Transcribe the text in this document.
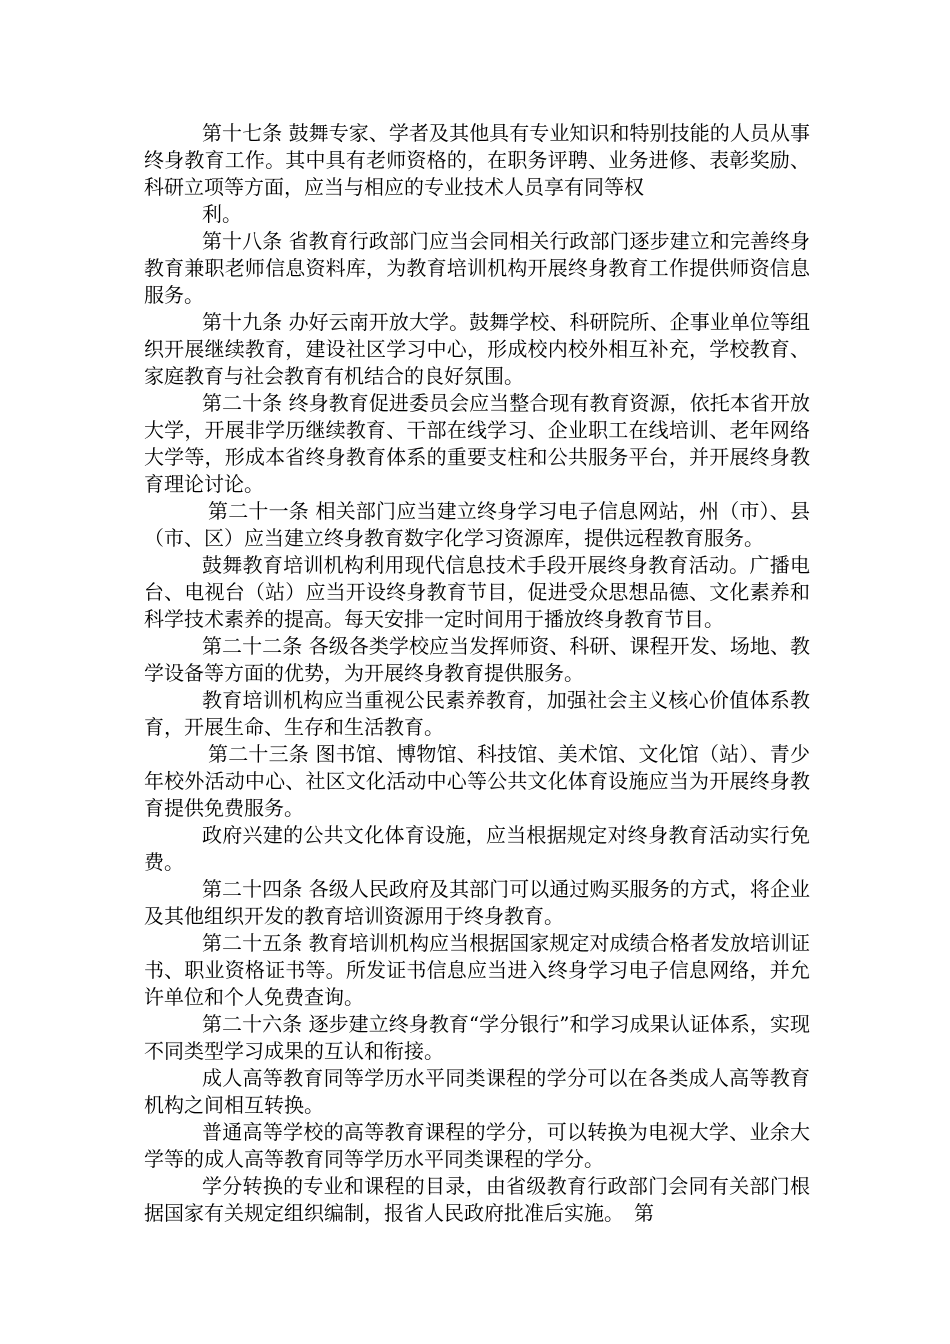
第十七条 鼓舞专家、学者及其他具有专业知识和特别技能的人员从事终身教育工作。其中具有老师资格的，在职务评聘、业务进修、表彰奖励、科研立项等方面，应当与相应的专业技术人员享有同等权

利。

第十八条 省教育行政部门应当会同相关行政部门逐步建立和完善终身教育兼职老师信息资料库，为教育培训机构开展终身教育工作提供师资信息服务。

第十九条 办好云南开放大学。鼓舞学校、科研院所、企事业单位等组织开展继续教育，建设社区学习中心，形成校内校外相互补充，学校教育、家庭教育与社会教育有机结合的良好氛围。

第二十条 终身教育促进委员会应当整合现有教育资源，依托本省开放大学，开展非学历继续教育、干部在线学习、企业职工在线培训、老年网络大学等，形成本省终身教育体系的重要支柱和公共服务平台，并开展终身教育理论讨论。

第二十一条 相关部门应当建立终身学习电子信息网站，州（市）、县（市、区）应当建立终身教育数字化学习资源库，提供远程教育服务。

鼓舞教育培训机构利用现代信息技术手段开展终身教育活动。广播电台、电视台（站）应当开设终身教育节目，促进受众思想品德、文化素养和科学技术素养的提高。每天安排一定时间用于播放终身教育节目。

第二十二条 各级各类学校应当发挥师资、科研、课程开发、场地、教学设备等方面的优势，为开展终身教育提供服务。

教育培训机构应当重视公民素养教育，加强社会主义核心价值体系教育，开展生命、生存和生活教育。

第二十三条 图书馆、博物馆、科技馆、美术馆、文化馆（站）、青少年校外活动中心、社区文化活动中心等公共文化体育设施应当为开展终身教育提供免费服务。

政府兴建的公共文化体育设施，应当根据规定对终身教育活动实行免费。

第二十四条 各级人民政府及其部门可以通过购买服务的方式，将企业及其他组织开发的教育培训资源用于终身教育。

第二十五条 教育培训机构应当根据国家规定对成绩合格者发放培训证书、职业资格证书等。所发证书信息应当进入终身学习电子信息网络，并允许单位和个人免费查询。

第二十六条 逐步建立终身教育“学分银行”和学习成果认证体系，实现不同类型学习成果的互认和衔接。

成人高等教育同等学历水平同类课程的学分可以在各类成人高等教育机构之间相互转换。

普通高等学校的高等教育课程的学分，可以转换为电视大学、业余大学等的成人高等教育同等学历水平同类课程的学分。

学分转换的专业和课程的目录，由省级教育行政部门会同有关部门根据国家有关规定组织编制，报省人民政府批准后实施。　第
